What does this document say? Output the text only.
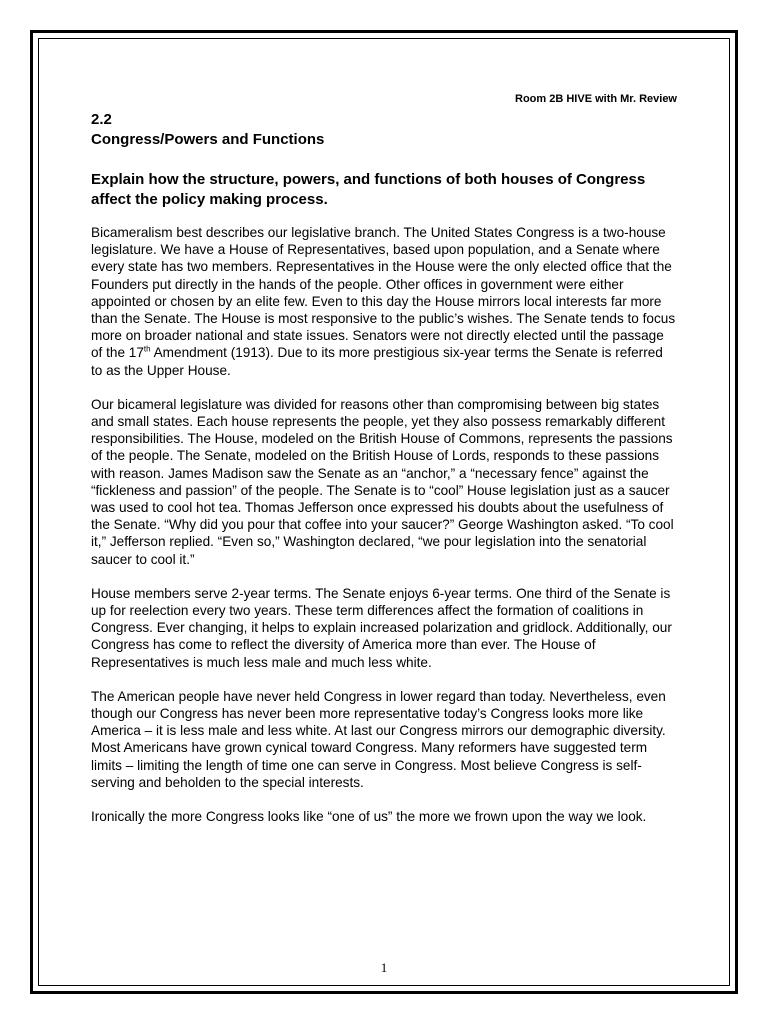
Room 2B HIVE with Mr. Review

2.2

Congress/Powers and Functions

Explain how the structure, powers, and functions of both houses of Congress affect the policy making process.

Bicameralism best describes our legislative branch. The United States Congress is a two-house legislature. We have a House of Representatives, based upon population, and a Senate where every state has two members. Representatives in the House were the only elected office that the Founders put directly in the hands of the people. Other offices in government were either appointed or chosen by an elite few. Even to this day the House mirrors local interests far more than the Senate. The House is most responsive to the public’s wishes. The Senate tends to focus more on broader national and state issues. Senators were not directly elected until the passage of the 17th Amendment (1913). Due to its more prestigious six-year terms the Senate is referred to as the Upper House.

Our bicameral legislature was divided for reasons other than compromising between big states and small states. Each house represents the people, yet they also possess remarkably different responsibilities. The House, modeled on the British House of Commons, represents the passions of the people. The Senate, modeled on the British House of Lords, responds to these passions with reason. James Madison saw the Senate as an “anchor,” a “necessary fence” against the “fickleness and passion” of the people. The Senate is to “cool” House legislation just as a saucer was used to cool hot tea. Thomas Jefferson once expressed his doubts about the usefulness of the Senate. “Why did you pour that coffee into your saucer?” George Washington asked. “To cool it,” Jefferson replied. “Even so,” Washington declared, “we pour legislation into the senatorial saucer to cool it.”

House members serve 2-year terms. The Senate enjoys 6-year terms. One third of the Senate is up for reelection every two years. These term differences affect the formation of coalitions in Congress. Ever changing, it helps to explain increased polarization and gridlock. Additionally, our Congress has come to reflect the diversity of America more than ever. The House of Representatives is much less male and much less white.

The American people have never held Congress in lower regard than today. Nevertheless, even though our Congress has never been more representative today’s Congress looks more like America – it is less male and less white. At last our Congress mirrors our demographic diversity. Most Americans have grown cynical toward Congress. Many reformers have suggested term limits – limiting the length of time one can serve in Congress. Most believe Congress is self-serving and beholden to the special interests.

Ironically the more Congress looks like “one of us” the more we frown upon the way we look.

1
